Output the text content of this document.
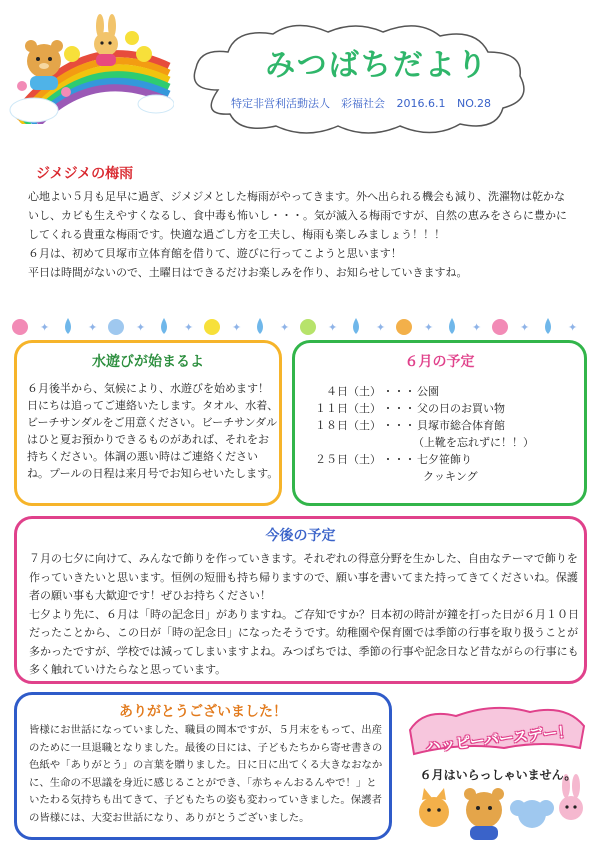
みつばちだより
特定非営利活動法人　彩福社会 2016.6.1 NO.28
ジメジメの梅雨

心地よい５月も足早に過ぎ、ジメジメとした梅雨がやってきます。外へ出られる機会も減り、洗濯物は乾かないし、カビも生えやすくなるし、食中毒も怖いし・・・。気が滅入る梅雨ですが、自然の恵みをさらに豊かにしてくれる貴重な梅雨です。快適な過ごし方を工夫し、梅雨も楽しみましょう！！！

６月は、初めて貝塚市立体育館を借りて、遊びに行ってこようと思います！

平日は時間がないので、土曜日はできるだけお楽しみを作り、お知らせしていきますね。

✦	✦	✦	✦	✦	✦	✦	✦	✦	✦	✦	✦
水遊びが始まるよ
６月後半から、気候により、水遊びを始めます！日にちは追ってご連絡いたします。タオル、水着、ビーチサンダルをご用意ください。ビーチサンダルはひと夏お預かりできるものがあれば、それをお持ちください。体調の悪い時はご連絡くださいね。プールの日程は来月号でお知らせいたします。
６月の予定
４日（土） ・・・ 公園
１１日（土） ・・・ 父の日のお買い物
１８日（土） ・・・ 貝塚市総合体育館
（上靴を忘れずに！！）
２５日（土） ・・・ 七夕笹飾り
クッキング
今後の予定

７月の七夕に向けて、みんなで飾りを作っていきます。それぞれの得意分野を生かした、自由なテーマで飾りを作っていきたいと思います。恒例の短冊も持ち帰りますので、願い事を書いてまた持ってきてくださいね。保護者の願い事も大歓迎です！ぜひお持ちください！

七夕より先に、６月は「時の記念日」がありますね。ご存知ですか？日本初の時計が鐘を打った日が６月１０日だったことから、この日が「時の記念日」になったそうです。幼稚園や保育園では季節の行事を取り扱うことが多かったですが、学校では減ってしまいますよね。みつばちでは、季節の行事や記念日など昔ながらの行事にも多く触れていけたらなと思っています。

ありがとうございました！
皆様にお世話になっていました、職員の岡本ですが、５月末をもって、出産のために一旦退職となりました。最後の日には、子どもたちから寄せ書きの色紙や「ありがとう」の言葉を贈りました。日に日に出てくる大きなおなかに、生命の不思議を身近に感じることができ、「赤ちゃんおるんやで！」といたわる気持ちも出てきて、子どもたちの姿も変わっていきました。保護者の皆様には、大変お世話になり、ありがとうございました。
ハッピーバースデー！
６月はいらっしゃいません。
